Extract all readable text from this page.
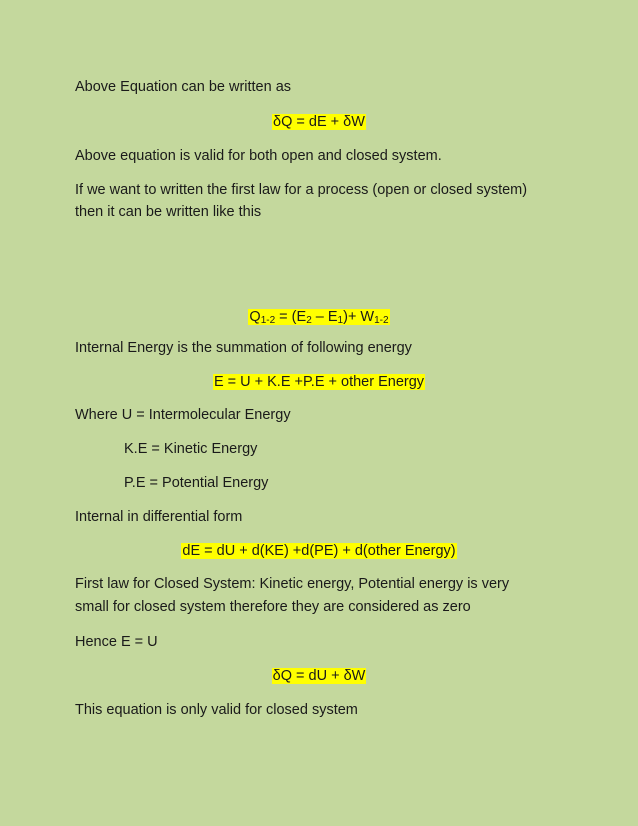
Above Equation can be written as
δQ = dE + δW
Above equation is valid for both open and closed system.
If we want to written the first law for a process (open or closed system)
then it can be written like this
$Q_{1-2} = (E_2 - E_1)+ W_{1-2}$
Internal Energy is the summation of following energy
E = U + K.E +P.E + other Energy
Where U = Intermolecular Energy
K.E = Kinetic Energy
P.E = Potential Energy
Internal in differential form
dE = dU + d(KE) +d(PE) + d(other Energy)
First law for Closed System: Kinetic energy, Potential energy is very
small for closed system therefore they are considered as zero
Hence E = U
δQ = dU + δW
This equation is only valid for closed system
